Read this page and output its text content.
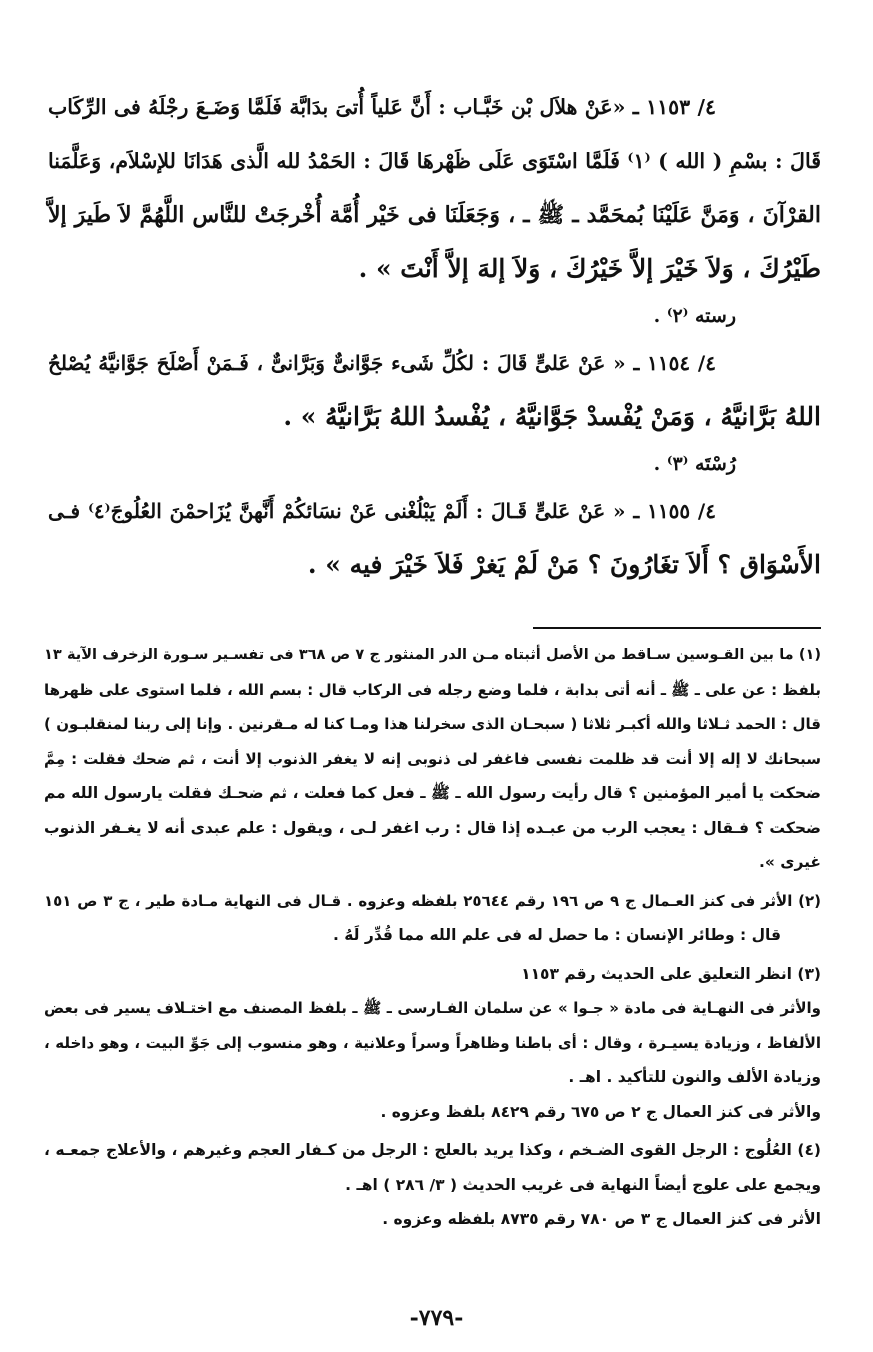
٤/ ١١٥٣ ـ «عَنْ هلاَل بْن خَبَّـاب : أَنَّ عَلياً أُتىَ بدَابَّة فَلَمَّا وَضَـعَ رجْلَهُ فى الرِّكَاب
قَالَ : بسْمِ ( الله ) ⁽١⁾ فَلَمَّا اسْتَوَى عَلَى ظَهْرهَا قَالَ : الحَمْدُ لله الَّذى هَدَانَا للإسْلاَم، وَعَلَّمَنا
القرْآنَ ، وَمَنَّ عَلَيْنَا بُمحَمَّد ـ ﷺ ـ ، وَجَعَلَنَا فى خَيْر أُمَّة أُخْرجَتْ للنَّاس اللَّهُمَّ لاَ طَيرَ إلاَّ
طَيْرُكَ ، وَلاَ خَيْرَ إلاَّ خَيْرُكَ ، وَلاَ إلهَ إلاَّ أَنْتَ » .
رسته ⁽٢⁾ .
٤/ ١١٥٤ ـ « عَنْ عَلىٍّ قَالَ : لكُلِّ شَىء جَوَّانىٌّ وَبَرَّانىٌّ ، فَـمَنْ أَصْلَحَ جَوَّانيَّهُ يُصْلحُ
اللهُ بَرَّانيَّهُ ، وَمَنْ يُفْسدْ جَوَّانيَّهُ ، يُفْسدُ اللهُ بَرَّانيَّهُ » .
رُسْتَه ⁽٣⁾ .
٤/ ١١٥٥ ـ « عَنْ عَلىٍّ قَـالَ : أَلَمْ يَبْلُغْنى عَنْ نسَائكُمْ أَنَّهنَّ يُزَاحمْنَ العُلُوجَ⁽٤⁾ فـى
الأَسْوَاق ؟ أَلاَ تغَارُونَ ؟ مَنْ لَمْ يَغرْ فَلاَ خَيْرَ فيه » .
(١) ما بين القـوسين سـاقط من الأصل أثبتاه مـن الدر المنثور ج ٧ ص ٣٦٨ فى تفسـير سـورة الزخرف الآية ١٣
بلفظ : عن على ـ ﷺ ـ أنه أتى بدابة ، فلما وضع رجله فى الركاب قال : بسم الله ، فلما استوى على ظهرها
قال : الحمد ثـلاثا والله أكبـر ثلاثا ( سبحـان الذى سخرلنا هذا ومـا كنا له مـقرنين . وإنا إلى ربنا لمنقلبـون )
سبحانك لا إله إلا أنت قد ظلمت نفسى فاغفر لى ذنوبى إنه لا يغفر الذنوب إلا أنت ، ثم ضحك فقلت : مِمَّ
ضحكت يا أمير المؤمنين ؟ قال رأيت رسول الله ـ ﷺ ـ فعل كما فعلت ، ثم ضحـك فقلت يارسول الله مم
ضحكت ؟ فـقال : يعجب الرب من عبـده إذا قال : رب اغفر لـى ، ويقول : علم عبدى أنه لا يغـفر الذنوب
غيرى ».
(٢) الأثر فى كنز العـمال ج ٩ ص ١٩٦ رقم ٢٥٦٤٤ بلفظه وعزوه . قـال فى النهاية مـادة طير ، ج ٣ ص ١٥١
قال : وطائر الإنسان : ما حصل له فى علم الله مما قُدِّر لَهُ .
(٣) انظر التعليق على الحديث رقم ١١٥٣
والأثر فى النهـاية فى مادة « جـوا » عن سلمان الفـارسى ـ ﷺ ـ بلفظ المصنف مع اختـلاف يسير فى بعض
الألفاظ ، وزيادة يسيـرة ، وقال : أى باطنا وظاهراً وسراً وعلانية ، وهو منسوب إلى جَوِّ البيت ، وهو داخله ،
وزيادة الألف والنون للتأكيد . اهـ .
والأثر فى كنز العمال ج ٢ ص ٦٧٥ رقم ٨٤٢٩ بلفظ وعزوه .
(٤) العُلُوج : الرجل القوى الضـخم ، وكذا يريد بالعلج : الرجل من كـفار العجم وغيرهم ، والأعلاج جمعـه ،
ويجمع على علوج أيضاً النهاية فى غريب الحديث ( ٣/ ٢٨٦ ) اهـ .
الأثر فى كنز العمال ج ٣ ص ٧٨٠ رقم ٨٧٣٥ بلفظه وعزوه .
-٧٧٩-
